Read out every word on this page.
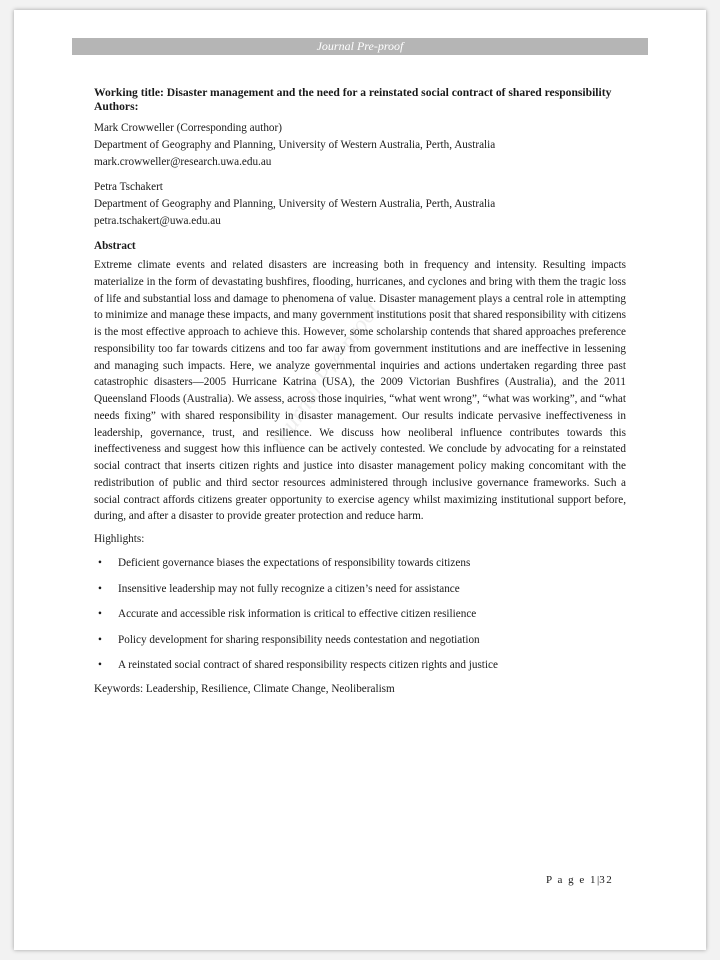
Journal Pre-proof
Journal Pre-proof

Working title: Disaster management and the need for a reinstated social contract of shared responsibility

Authors:

Mark Crowweller (Corresponding author)
Department of Geography and Planning, University of Western Australia, Perth, Australia
mark.crowweller@research.uwa.edu.au
Petra Tschakert
Department of Geography and Planning, University of Western Australia, Perth, Australia
petra.tschakert@uwa.edu.au
Abstract

Extreme climate events and related disasters are increasing both in frequency and intensity. Resulting impacts materialize in the form of devastating bushfires, flooding, hurricanes, and cyclones and bring with them the tragic loss of life and substantial loss and damage to phenomena of value. Disaster management plays a central role in attempting to minimize and manage these impacts, and many government institutions posit that shared responsibility with citizens is the most effective approach to achieve this. However, some scholarship contends that shared approaches preference responsibility too far towards citizens and too far away from government institutions and are ineffective in lessening and managing such impacts. Here, we analyze governmental inquiries and actions undertaken regarding three past catastrophic disasters—2005 Hurricane Katrina (USA), the 2009 Victorian Bushfires (Australia), and the 2011 Queensland Floods (Australia). We assess, across those inquiries, “what went wrong”, “what was working”, and “what needs fixing” with shared responsibility in disaster management. Our results indicate pervasive ineffectiveness in leadership, governance, trust, and resilience. We discuss how neoliberal influence contributes towards this ineffectiveness and suggest how this influence can be actively contested. We conclude by advocating for a reinstated social contract that inserts citizen rights and justice into disaster management policy making concomitant with the redistribution of public and third sector resources administered through inclusive governance frameworks. Such a social contract affords citizens greater opportunity to exercise agency whilst maximizing institutional support before, during, and after a disaster to provide greater protection and reduce harm.

Highlights:
• Deficient governance biases the expectations of responsibility towards citizens
• Insensitive leadership may not fully recognize a citizen’s need for assistance
• Accurate and accessible risk information is critical to effective citizen resilience
• Policy development for sharing responsibility needs contestation and negotiation
• A reinstated social contract of shared responsibility respects citizen rights and justice
Keywords: Leadership, Resilience, Climate Change, Neoliberalism
P a g e 1|32
